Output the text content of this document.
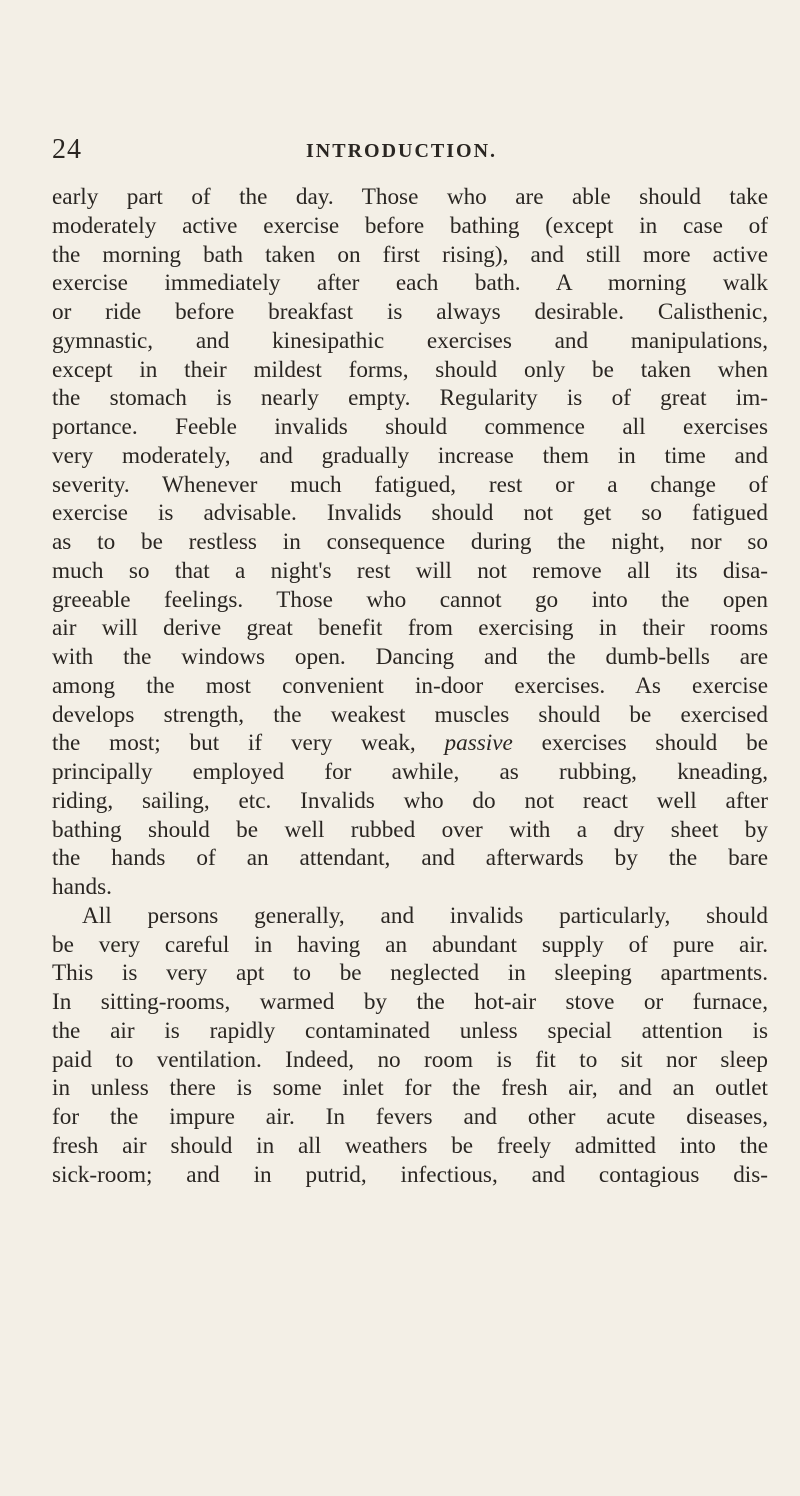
24	INTRODUCTION.
early part of the day. Those who are able should take
moderately active exercise before bathing (except in case of
the morning bath taken on first rising), and still more active
exercise immediately after each bath. A morning walk
or ride before breakfast is always desirable. Calisthenic,
gymnastic, and kinesipathic exercises and manipulations,
except in their mildest forms, should only be taken when
the stomach is nearly empty. Regularity is of great im-
portance. Feeble invalids should commence all exercises
very moderately, and gradually increase them in time and
severity. Whenever much fatigued, rest or a change of
exercise is advisable. Invalids should not get so fatigued
as to be restless in consequence during the night, nor so
much so that a night's rest will not remove all its disa-
greeable feelings. Those who cannot go into the open
air will derive great benefit from exercising in their rooms
with the windows open. Dancing and the dumb-bells are
among the most convenient in-door exercises. As exercise
develops strength, the weakest muscles should be exercised
the most; but if very weak, passive exercises should be
principally employed for awhile, as rubbing, kneading,
riding, sailing, etc. Invalids who do not react well after
bathing should be well rubbed over with a dry sheet by
the hands of an attendant, and afterwards by the bare
hands.
All persons generally, and invalids particularly, should
be very careful in having an abundant supply of pure air.
This is very apt to be neglected in sleeping apartments.
In sitting-rooms, warmed by the hot-air stove or furnace,
the air is rapidly contaminated unless special attention is
paid to ventilation. Indeed, no room is fit to sit nor sleep
in unless there is some inlet for the fresh air, and an outlet
for the impure air. In fevers and other acute diseases,
fresh air should in all weathers be freely admitted into the
sick-room; and in putrid, infectious, and contagious dis-
